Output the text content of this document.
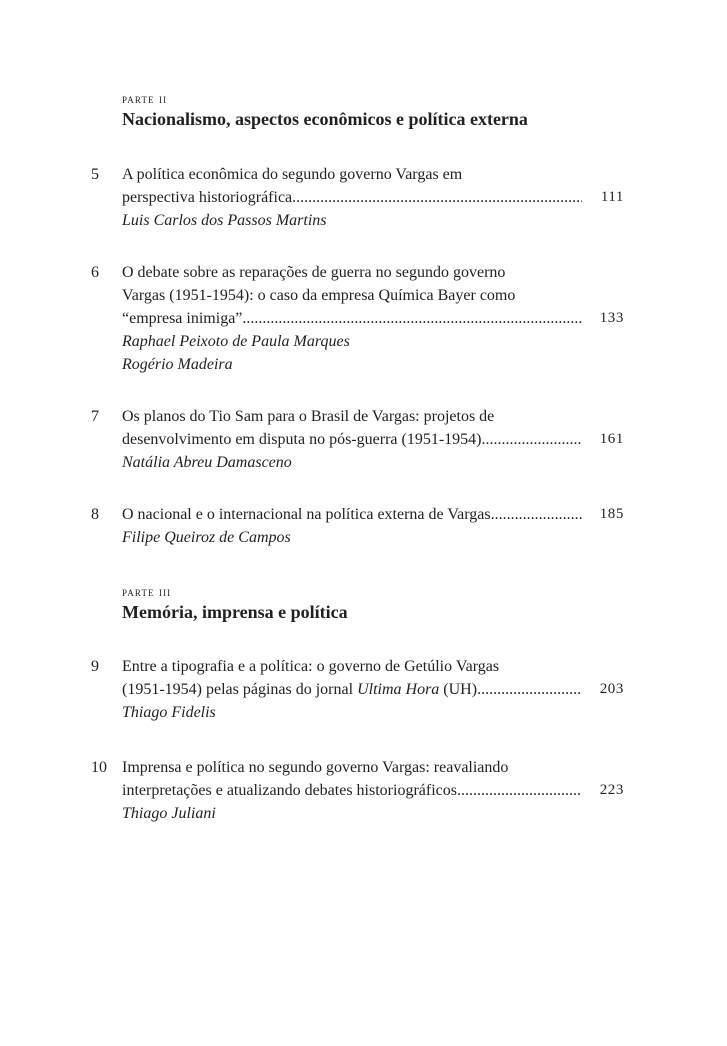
parte ii
Nacionalismo, aspectos econômicos e política externa
5 A política econômica do segundo governo Vargas em
perspectiva historiográfica .....	111
Luis Carlos dos Passos Martins
6 O debate sobre as reparações de guerra no segundo governo
Vargas (1951-1954): o caso da empresa Química Bayer como
“empresa inimiga” .....	133
Raphael Peixoto de Paula Marques
Rogério Madeira
7 Os planos do Tio Sam para o Brasil de Vargas: projetos de
desenvolvimento em disputa no pós-guerra (1951-1954) .....	161
Natália Abreu Damasceno
8 O nacional e o internacional na política externa de Vargas .....	185
Filipe Queiroz de Campos
parte iii
Memória, imprensa e política
9 Entre a tipografia e a política: o governo de Getúlio Vargas
(1951-1954) pelas páginas do jornal Ultima Hora (UH) .....	203
Thiago Fidelis
10 Imprensa e política no segundo governo Vargas: reavaliando
interpretações e atualizando debates historiográficos .....	223
Thiago Juliani
